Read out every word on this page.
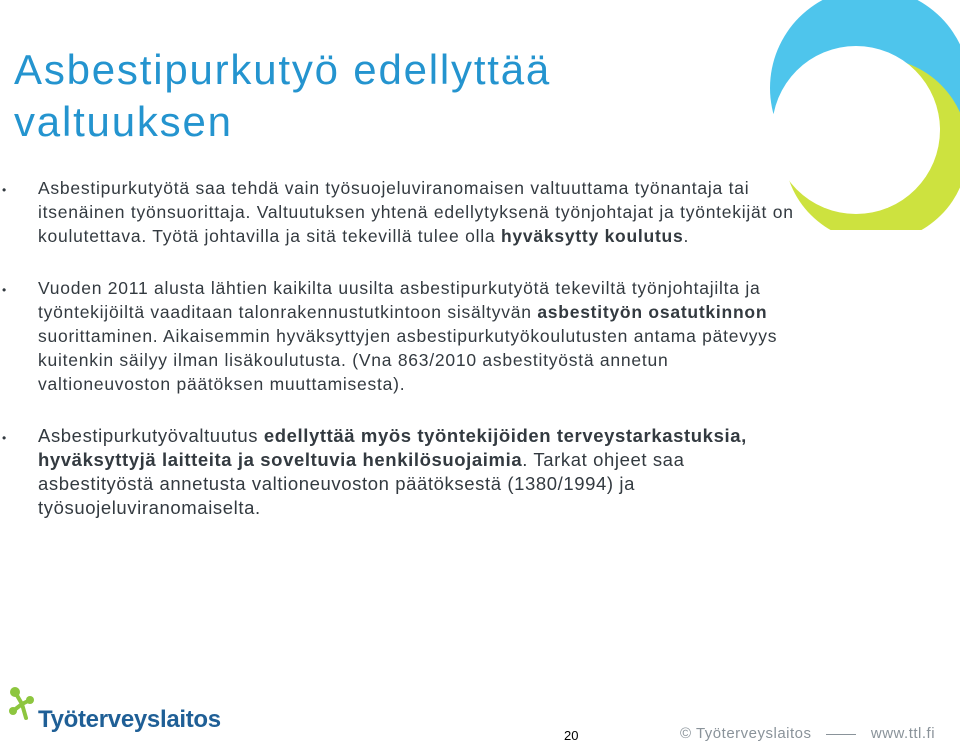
Asbestipurkutyö edellyttää valtuuksen
•	Asbestipurkutyötä saa tehdä vain työsuojeluviranomaisen valtuuttama työnantaja tai itsenäinen työnsuorittaja. Valtuutuksen yhtenä edellytyksenä työnjohtajat ja työntekijät on koulutettava. Työtä johtavilla ja sitä tekevillä tulee olla hyväksytty koulutus.
•	Vuoden 2011 alusta lähtien kaikilta uusilta asbestipurkutyötä tekeviltä työnjohtajilta ja työntekijöiltä vaaditaan talonrakennustutkintoon sisältyvän asbestityön osatutkinnon suorittaminen. Aikaisemmin hyväksyttyjen asbestipurkutyökoulutusten antama pätevyys kuitenkin säilyy ilman lisäkoulutusta. (Vna 863/2010 asbestityöstä annetun valtioneuvoston päätöksen muuttamisesta).
•	Asbestipurkutyövaltuutus edellyttää myös työntekijöiden terveystarkastuksia, hyväksyttyjä laitteita ja soveltuvia henkilösuojaimia. Tarkat ohjeet saa asbestityöstä annetusta valtioneuvoston päätöksestä (1380/1994) ja työsuojeluviranomaiselta.
Työterveyslaitos
20	© Työterveyslaitos	www.ttl.fi
